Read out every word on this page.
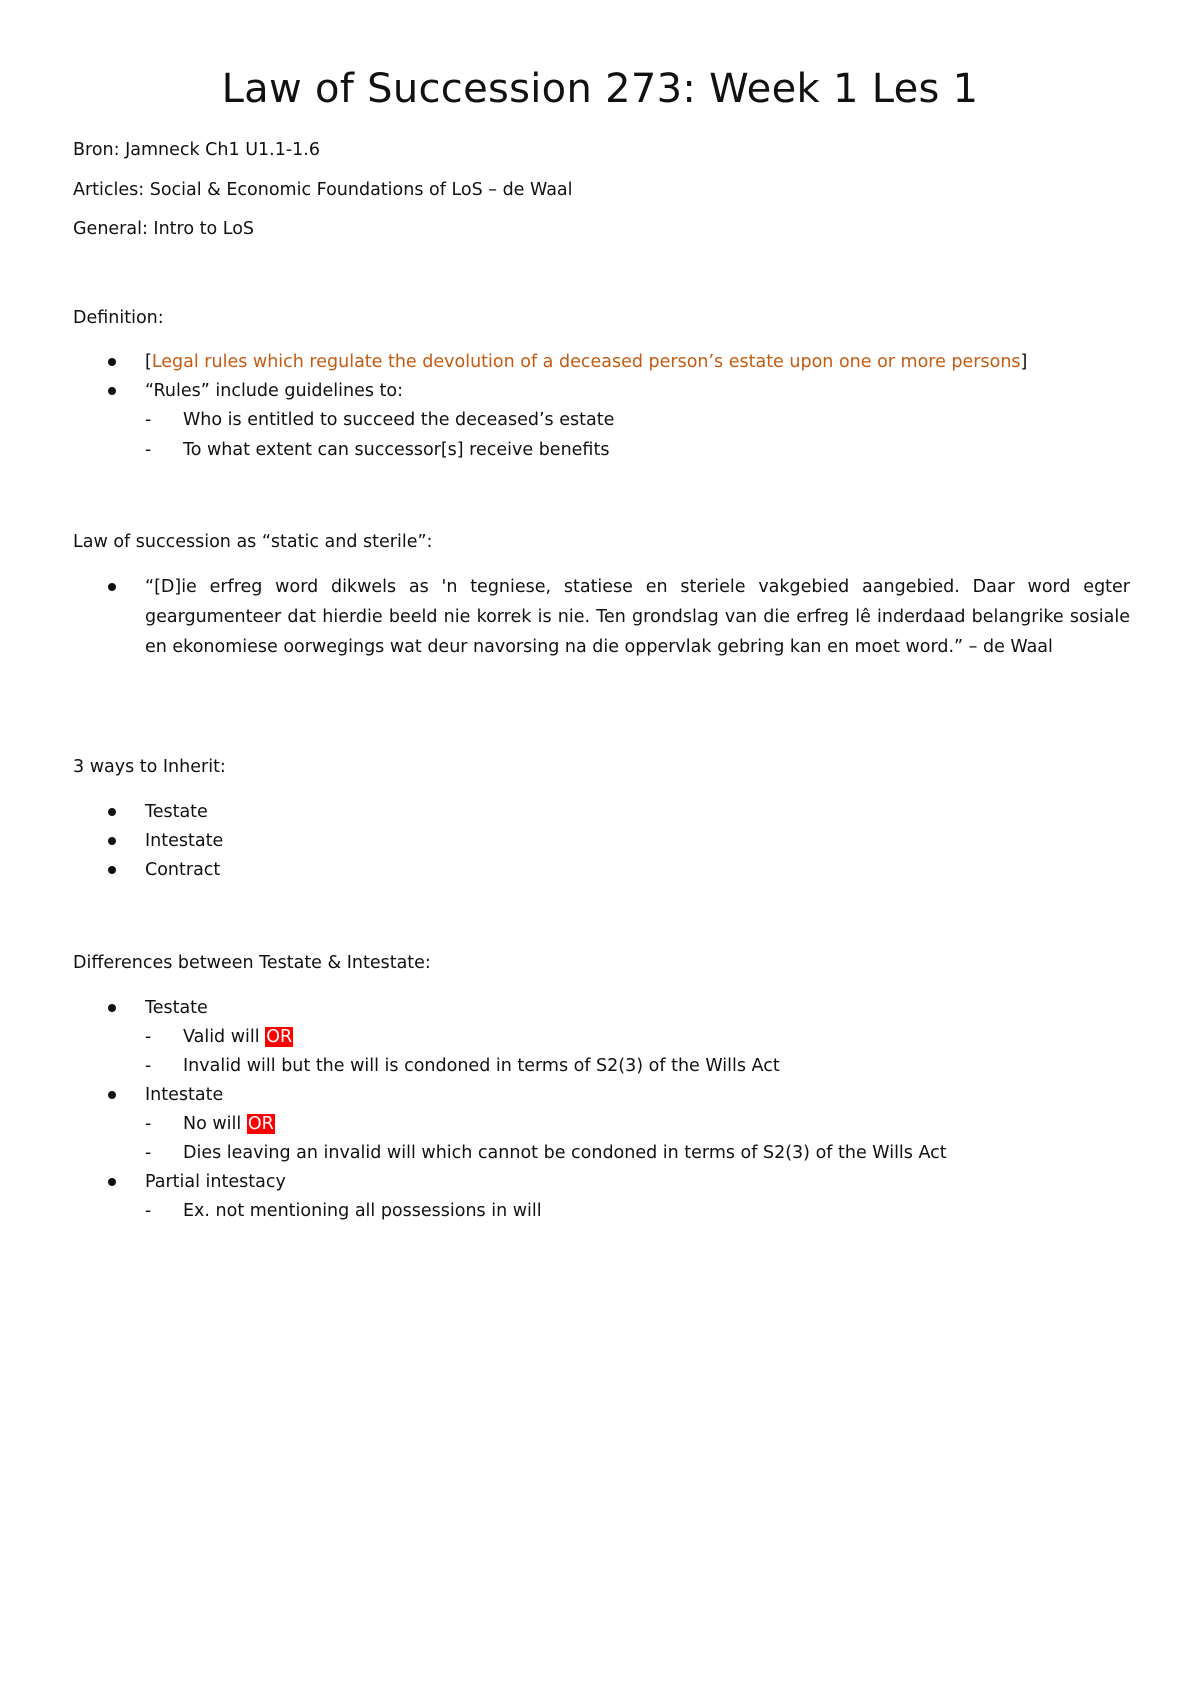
Law of Succession 273: Week 1 Les 1
Bron: Jamneck Ch1 U1.1-1.6
Articles: Social & Economic Foundations of LoS – de Waal
General: Intro to LoS
Definition:
[Legal rules which regulate the devolution of a deceased person’s estate upon one or more persons]
“Rules” include guidelines to:
- Who is entitled to succeed the deceased’s estate
- To what extent can successor[s] receive benefits
Law of succession as “static and sterile”:
“[D]ie erfreg word dikwels as 'n tegniese, statiese en steriele vakgebied aangebied. Daar word egter geargumenteer dat hierdie beeld nie korrek is nie. Ten grondslag van die erfreg lê inderdaad belangrike sosiale en ekonomiese oorwegings wat deur navorsing na die oppervlak gebring kan en moet word.” – de Waal
3 ways to Inherit:
Testate
Intestate
Contract
Differences between Testate & Intestate:
Testate
- Valid will OR
- Invalid will but the will is condoned in terms of S2(3) of the Wills Act
Intestate
- No will OR
- Dies leaving an invalid will which cannot be condoned in terms of S2(3) of the Wills Act
Partial intestacy
- Ex. not mentioning all possessions in will
